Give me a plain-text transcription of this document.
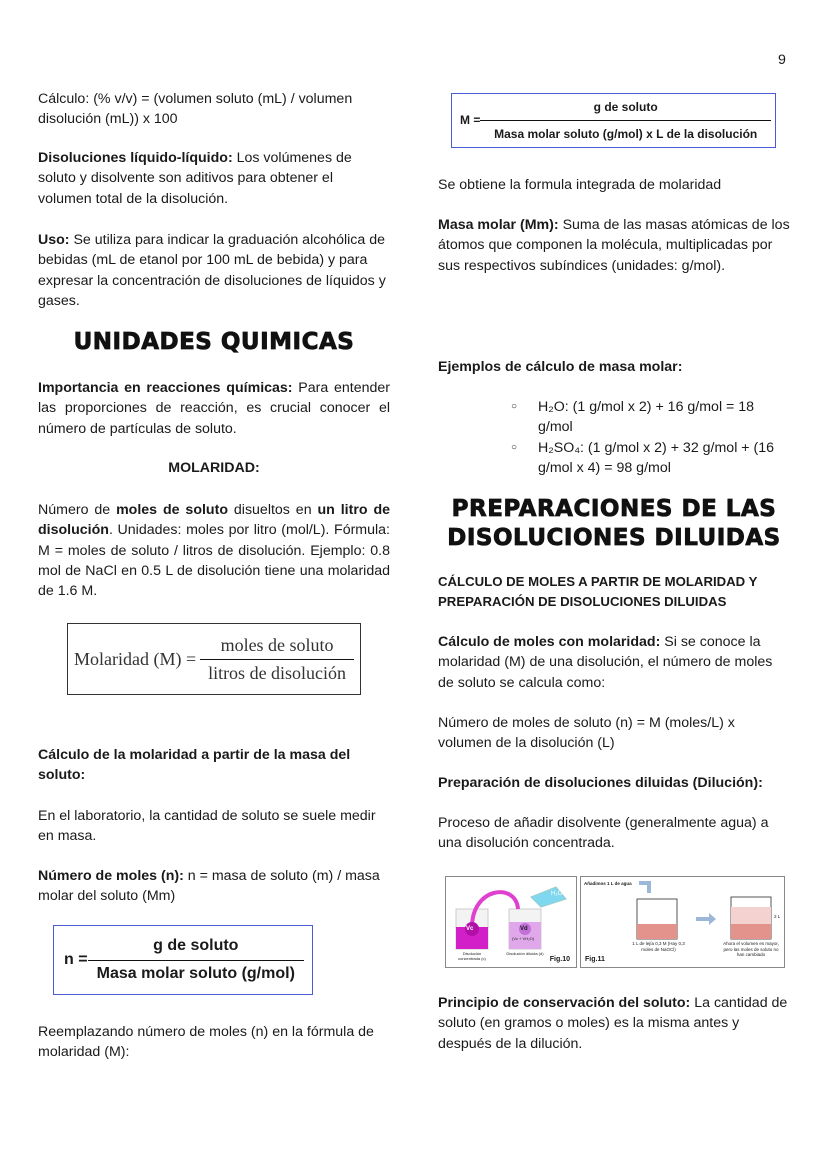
9
Cálculo: (% v/v) = (volumen soluto (mL) / volumen disolución (mL)) x 100
Disoluciones líquido-líquido: Los volúmenes de soluto y disolvente son aditivos para obtener el volumen total de la disolución.
Uso: Se utiliza para indicar la graduación alcohólica de bebidas (mL de etanol por 100 mL de bebida) y para expresar la concentración de disoluciones de líquidos y gases.
UNIDADES QUIMICAS
Importancia en reacciones químicas: Para entender las proporciones de reacción, es crucial conocer el número de partículas de soluto.
MOLARIDAD:
Número de moles de soluto disueltos en un litro de disolución. Unidades: moles por litro (mol/L). Fórmula: M = moles de soluto / litros de disolución. Ejemplo: 0.8 mol de NaCl en 0.5 L de disolución tiene una molaridad de 1.6 M.
Molaridad $(M) = \frac{\text{moles de soluto}}{\text{litros de disolución}}$
Cálculo de la molaridad a partir de la masa del soluto:
En el laboratorio, la cantidad de soluto se suele medir en masa.
Número de moles (n): n = masa de soluto (m) / masa molar del soluto (Mm)
$n = \frac{\text{g de soluto}}{\text{Masa molar soluto (g/mol)}}$
Reemplazando número de moles (n) en la fórmula de molaridad (M):
$M = \frac{\text{g de soluto}}{\text{Masa molar soluto (g/mol) x L de la disolución}}$
Se obtiene la formula integrada de molaridad
Masa molar (Mm): Suma de las masas atómicas de los átomos que componen la molécula, multiplicadas por sus respectivos subíndices (unidades: g/mol).
Ejemplos de cálculo de masa molar:
○ H₂O: (1 g/mol x 2) + 16 g/mol = 18 g/mol
○ H₂SO₄: (1 g/mol x 2) + 32 g/mol + (16 g/mol x 4) = 98 g/mol
PREPARACIONES DE LAS DISOLUCIONES DILUIDAS
CÁLCULO DE MOLES A PARTIR DE MOLARIDAD Y PREPARACIÓN DE DISOLUCIONES DILUIDAS
Cálculo de moles con molaridad: Si se conoce la molaridad (M) de una disolución, el número de moles de soluto se calcula como:
Número de moles de soluto (n) = M (moles/L) x volumen de la disolución (L)
Preparación de disoluciones diluidas (Dilución):
Proceso de añadir disolvente (generalmente agua) a una disolución concentrada.
Vc	Vd
(Vc + VH₂O)
H₂O
Disolución concentrada (c)
Disolución diluida (d)
Fig.10
Añadimos 1 L de agua
1 L de lejía 0,3 M (Hay 0,3 moles de NaOCl)
Ahora el volumen es mayor, pero las moles de soluto no han cambiado
2 L
Fig.11
Principio de conservación del soluto: La cantidad de soluto (en gramos o moles) es la misma antes y después de la dilución.
